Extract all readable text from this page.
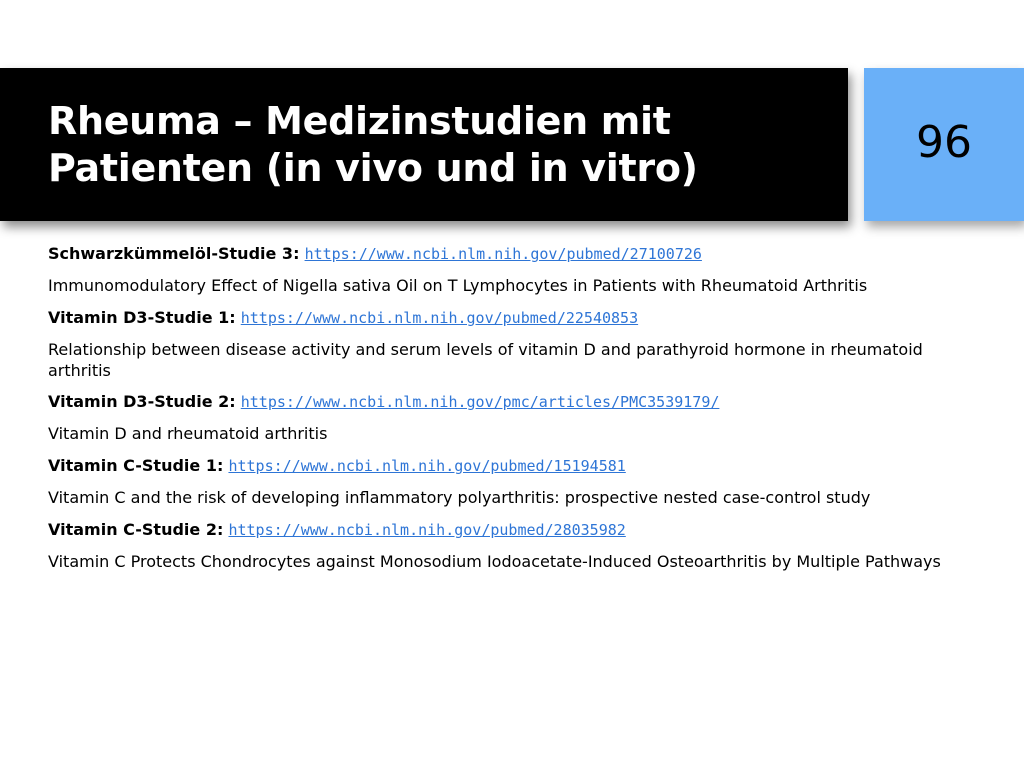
Rheuma – Medizinstudien mit Patienten (in vivo und in vitro)	96
Schwarzkümmelöl-Studie 3: https://www.ncbi.nlm.nih.gov/pubmed/27100726
Immunomodulatory Effect of Nigella sativa Oil on T Lymphocytes in Patients with Rheumatoid Arthritis
Vitamin D3-Studie 1: https://www.ncbi.nlm.nih.gov/pubmed/22540853
Relationship between disease activity and serum levels of vitamin D and parathyroid hormone in rheumatoid arthritis
Vitamin D3-Studie 2: https://www.ncbi.nlm.nih.gov/pmc/articles/PMC3539179/
Vitamin D and rheumatoid arthritis
Vitamin C-Studie 1: https://www.ncbi.nlm.nih.gov/pubmed/15194581
Vitamin C and the risk of developing inflammatory polyarthritis: prospective nested case-control study
Vitamin C-Studie 2: https://www.ncbi.nlm.nih.gov/pubmed/28035982
Vitamin C Protects Chondrocytes against Monosodium Iodoacetate-Induced Osteoarthritis by Multiple Pathways
